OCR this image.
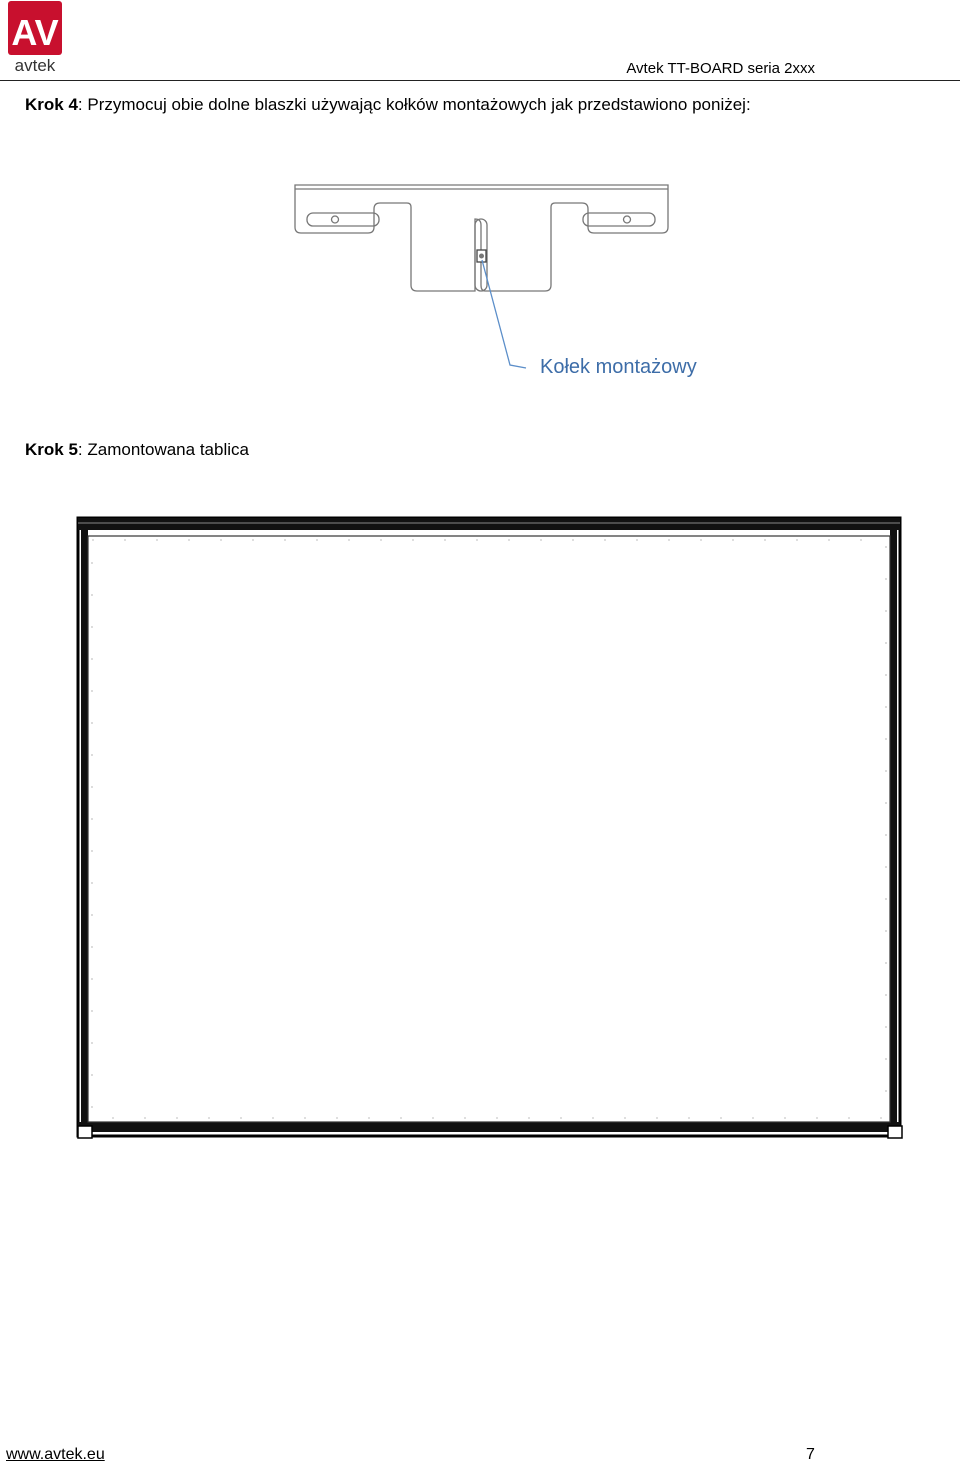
AV
avtek	Avtek TT-BOARD seria 2xxx
Krok 4: Przymocuj obie dolne blaszki używając kołków montażowych jak przedstawiono poniżej:
Kołek montażowy
Krok 5: Zamontowana tablica
www.avtek.eu	7
